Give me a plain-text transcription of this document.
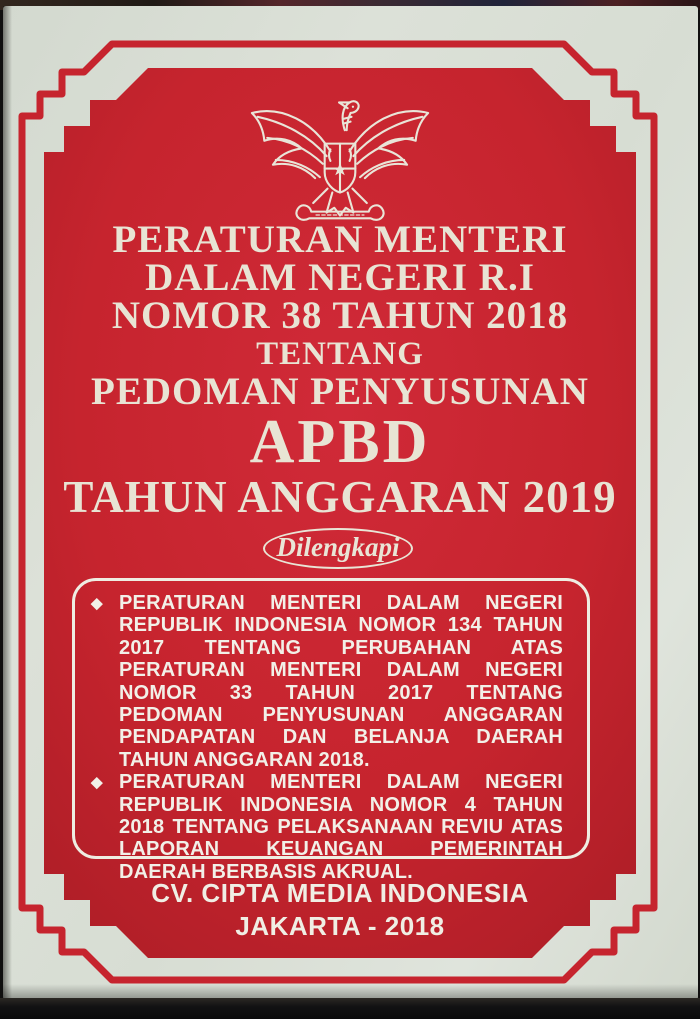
PERATURAN MENTERI
DALAM NEGERI R.I
NOMOR 38 TAHUN 2018
TENTANG
PEDOMAN PENYUSUNAN
APBD
TAHUN ANGGARAN 2019
Dilengkapi
◆ PERATURAN MENTERI DALAM NEGERI REPUBLIK INDONESIA NOMOR 134 TAHUN 2017 TENTANG PERUBAHAN ATAS PERATURAN MENTERI DALAM NEGERI NOMOR 33 TAHUN 2017 TENTANG PEDOMAN PENYUSUNAN ANGGARAN PENDAPATAN DAN BELANJA DAERAH TAHUN ANGGARAN 2018.
◆ PERATURAN MENTERI DALAM NEGERI REPUBLIK INDONESIA NOMOR 4 TAHUN 2018 TENTANG PELAKSANAAN REVIU ATAS LAPORAN KEUANGAN PEMERINTAH DAERAH BERBASIS AKRUAL.
CV. CIPTA MEDIA INDONESIA
JAKARTA - 2018
